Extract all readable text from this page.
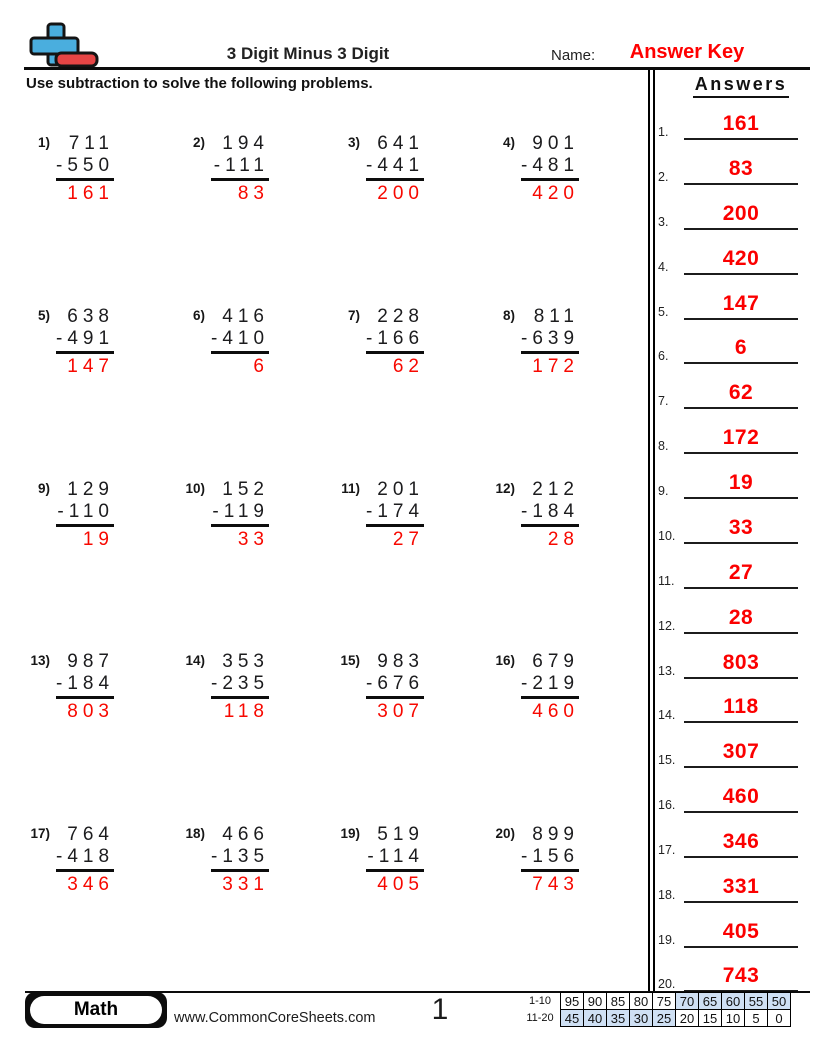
3 Digit Minus 3 Digit	Name:	Answer Key
Use subtraction to solve the following problems.
1) 711
-550
161
2) 194
-111
83
3) 641
-441
200
4) 901
-481
420
5) 638
-491
147
6) 416
-410
6
7) 228
-166
62
8) 811
-639
172
9) 129
-110
19
10) 152
-119
33
11) 201
-174
27
12) 212
-184
28
13) 987
-184
803
14) 353
-235
118
15) 983
-676
307
16) 679
-219
460
17) 764
-418
346
18) 466
-135
331
19) 519
-114
405
20) 899
-156
743
Answers
1.	161
2.	83
3.	200
4.	420
5.	147
6.	6
7.	62
8.	172
9.	19
10.	33
11.	27
12.	28
13.	803
14.	118
15.	307
16.	460
17.	346
18.	331
19.	405
20.	743
Math	www.CommonCoreSheets.com	1	1-10	95	90	85	80	75	70	65	60	55	50
11-20	45	40	35	30	25	20	15	10	5	0
